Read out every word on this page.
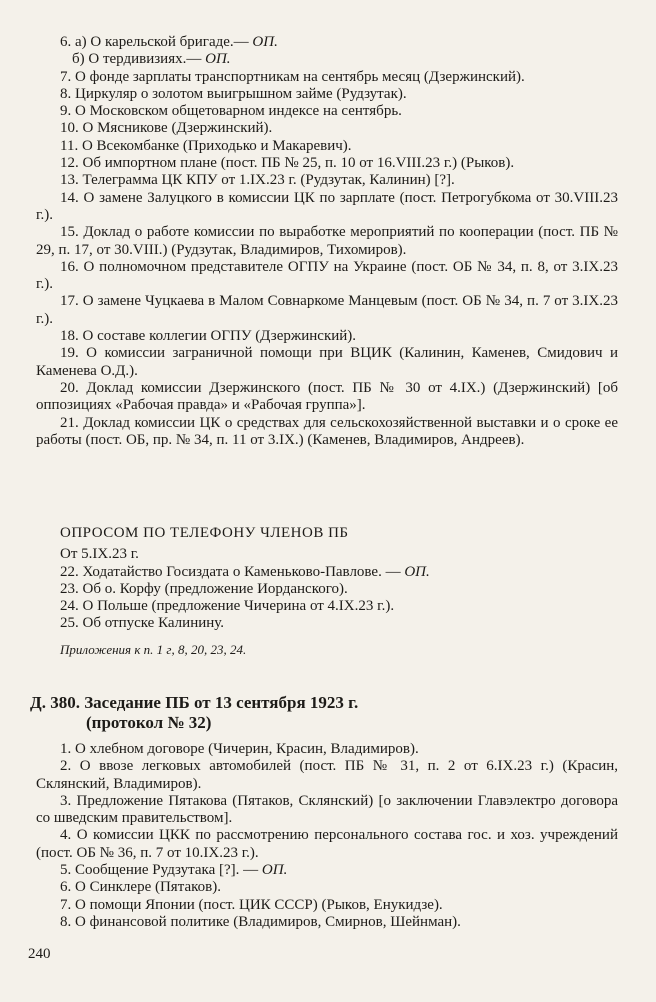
6. а) О карельской бригаде.— ОП.

б) О тердивизиях.— ОП.

7. О фонде зарплаты транспортникам на сентябрь месяц (Дзержинский).

8. Циркуляр о золотом выигрышном займе (Рудзутак).

9. О Московском общетоварном индексе на сентябрь.

10. О Мясникове (Дзержинский).

11. О Всекомбанке (Приходько и Макаревич).

12. Об импортном плане (пост. ПБ № 25, п. 10 от 16.VIII.23 г.) (Рыков).

13. Телеграмма ЦК КПУ от 1.IX.23 г. (Рудзутак, Калинин) [?].

14. О замене Залуцкого в комиссии ЦК по зарплате (пост. Петрогубкома от 30.VIII.23 г.).

15. Доклад о работе комиссии по выработке мероприятий по кооперации (пост. ПБ № 29, п. 17, от 30.VIII.) (Рудзутак, Владимиров, Тихомиров).

16. О полномочном представителе ОГПУ на Украине (пост. ОБ № 34, п. 8, от 3.IX.23 г.).

17. О замене Чуцкаева в Малом Совнаркоме Манцевым (пост. ОБ № 34, п. 7 от 3.IX.23 г.).

18. О составе коллегии ОГПУ (Дзержинский).

19. О комиссии заграничной помощи при ВЦИК (Калинин, Каменев, Смидович и Каменева О.Д.).

20. Доклад комиссии Дзержинского (пост. ПБ № 30 от 4.IX.) (Дзержинский) [об оппозициях «Рабочая правда» и «Рабочая группа»].

21. Доклад комиссии ЦК о средствах для сельскохозяйственной выставки и о сроке ее работы (пост. ОБ, пр. № 34, п. 11 от 3.IX.) (Каменев, Владимиров, Андреев).

ОПРОСОМ ПО ТЕЛЕФОНУ ЧЛЕНОВ ПБ
От 5.IX.23 г.

22. Ходатайство Госиздата о Каменьково-Павлове. — ОП.

23. Об о. Корфу (предложение Иорданского).

24. О Польше (предложение Чичерина от 4.IX.23 г.).

25. Об отпуске Калинину.

Приложения к п. 1 г, 8, 20, 23, 24.
Д. 380. Заседание ПБ от 13 сентября 1923 г.
(протокол № 32)

1. О хлебном договоре (Чичерин, Красин, Владимиров).

2. О ввозе легковых автомобилей (пост. ПБ № 31, п. 2 от 6.IX.23 г.) (Красин, Склянский, Владимиров).

3. Предложение Пятакова (Пятаков, Склянский) [о заключении Главэлектро договора со шведским правительством].

4. О комиссии ЦКК по рассмотрению персонального состава гос. и хоз. учреждений (пост. ОБ № 36, п. 7 от 10.IX.23 г.).

5. Сообщение Рудзутака [?]. — ОП.

6. О Синклере (Пятаков).

7. О помощи Японии (пост. ЦИК СССР) (Рыков, Енукидзе).

8. О финансовой политике (Владимиров, Смирнов, Шейнман).

240
